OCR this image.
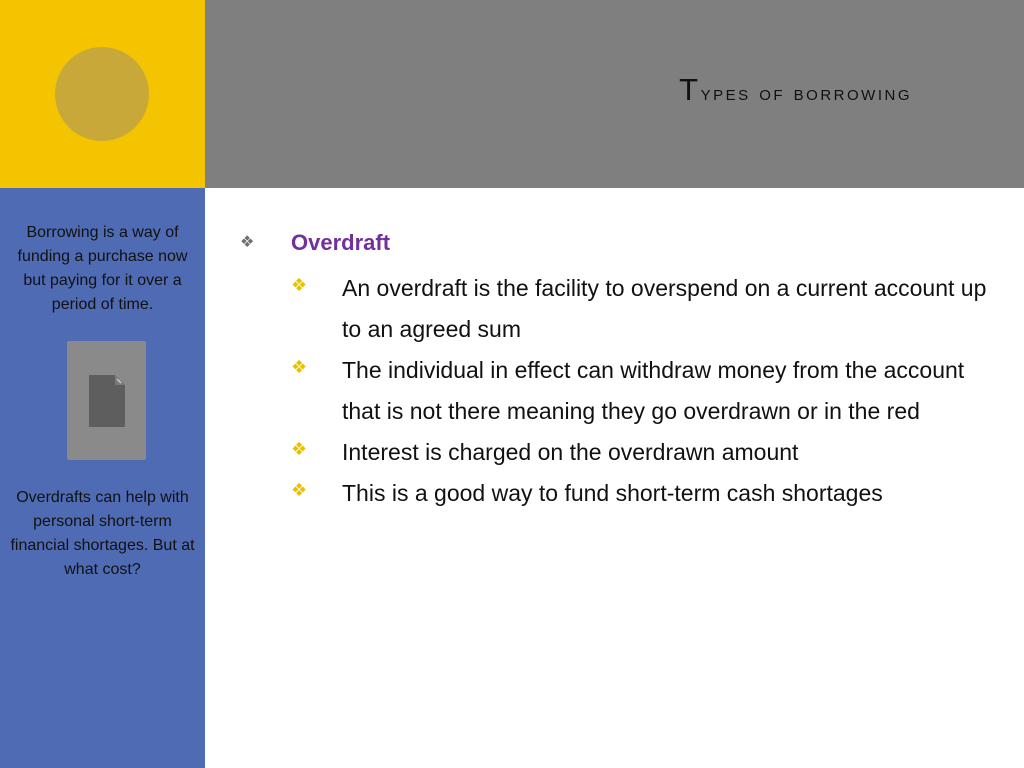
Types of borrowing
Borrowing is a way of funding a purchase now but paying for it over a period of time.
Overdrafts can help with personal short-term financial shortages. But at what cost?
❖ Overdraft
❖ An overdraft is the facility to overspend on a current account up to an agreed sum
❖ The individual in effect can withdraw money from the account that is not there meaning they go overdrawn or in the red
❖ Interest is charged on the overdrawn amount
❖ This is a good way to fund short-term cash shortages
